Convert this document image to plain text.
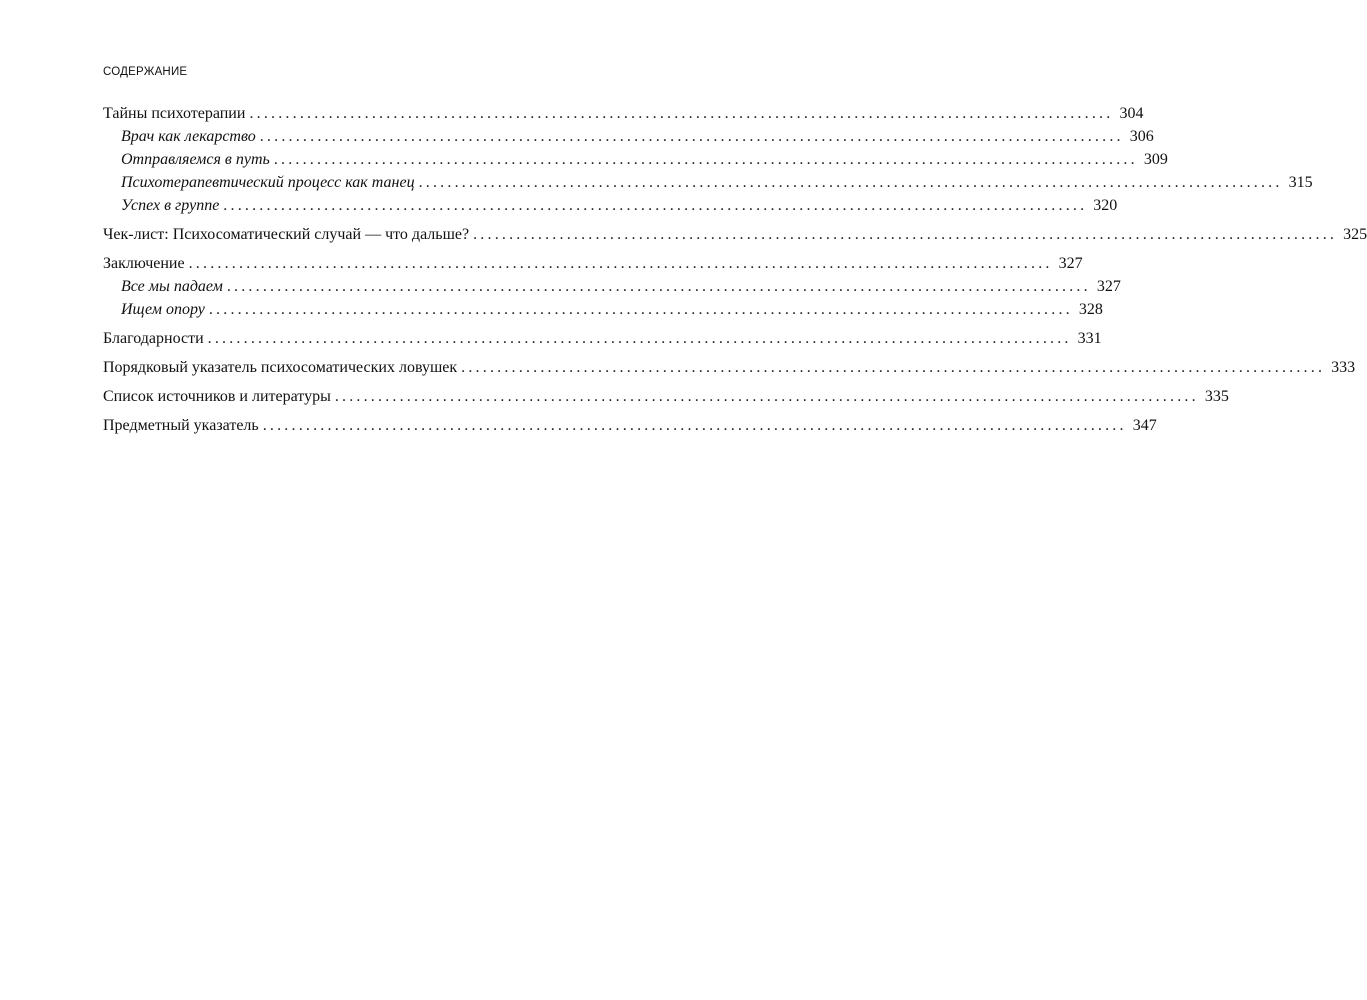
СОДЕРЖАНИЕ
Тайны психотерапии ........................................................................................................................ 304
Врач как лекарство ........................................................................................................................ 306
Отправляемся в путь ........................................................................................................................ 309
Психотерапевтический процесс как танец ........................................................................................................................ 315
Успех в группе ........................................................................................................................ 320
Чек-лист: Психосоматический случай — что дальше? ........................................................................................................................ 325
Заключение ........................................................................................................................ 327
Все мы падаем ........................................................................................................................ 327
Ищем опору ........................................................................................................................ 328
Благодарности ........................................................................................................................ 331
Порядковый указатель психосоматических ловушек ........................................................................................................................ 333
Список источников и литературы ........................................................................................................................ 335
Предметный указатель ........................................................................................................................ 347
